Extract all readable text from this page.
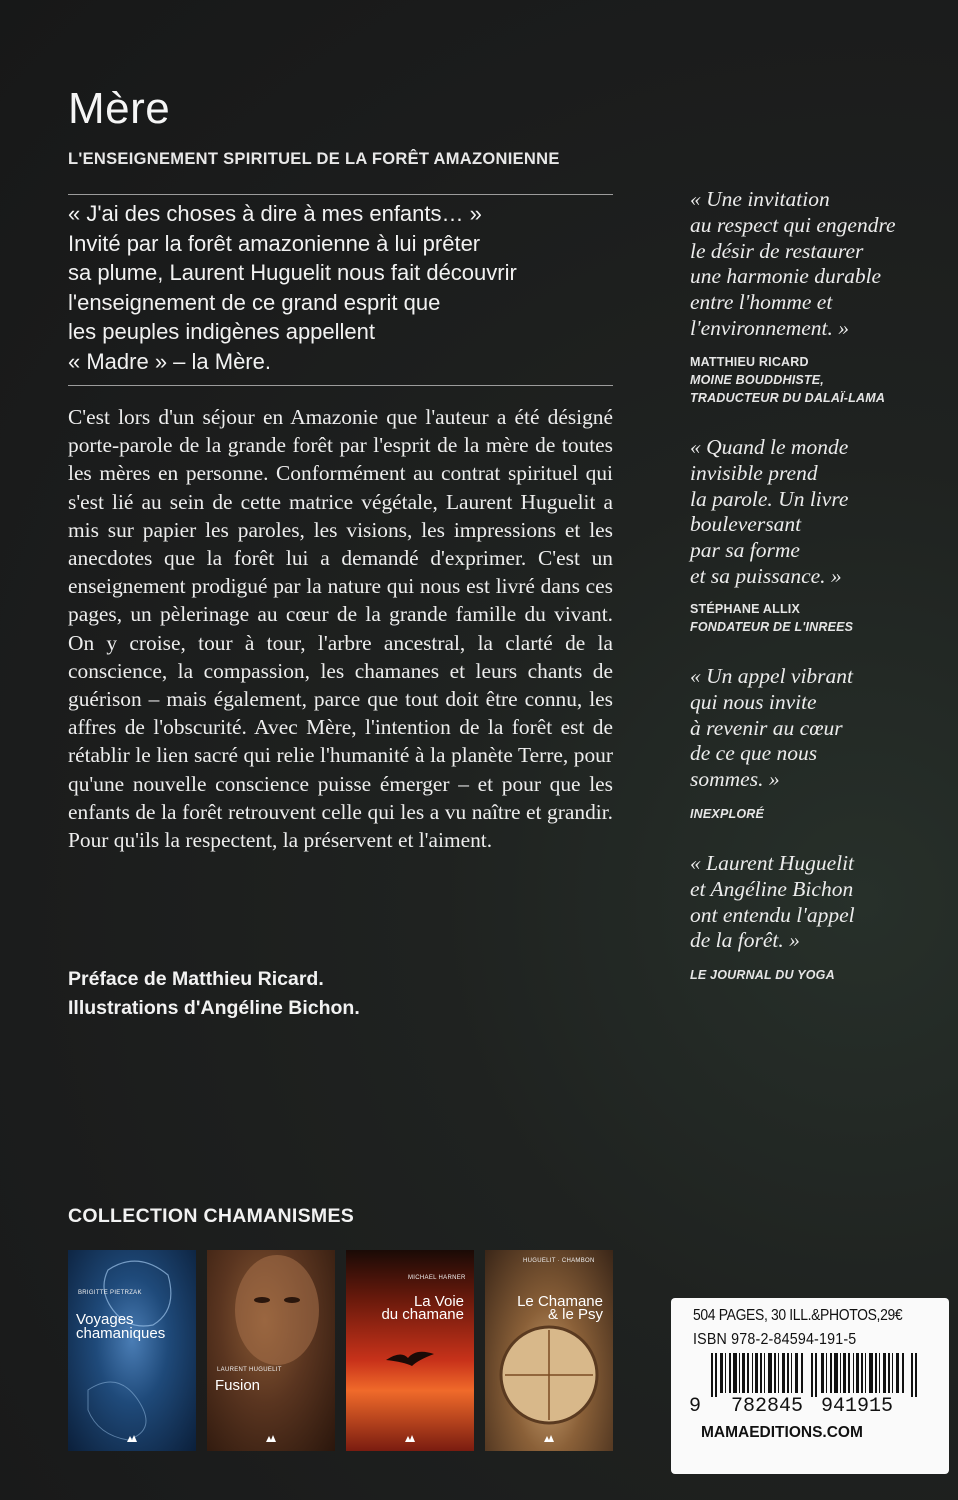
Mère
L'ENSEIGNEMENT SPIRITUEL DE LA FORÊT AMAZONIENNE
« J'ai des choses à dire à mes enfants… »
Invité par la forêt amazonienne à lui prêter
sa plume, Laurent Huguelit nous fait découvrir
l'enseignement de ce grand esprit que
les peuples indigènes appellent
« Madre » – la Mère.

C'est lors d'un séjour en Amazonie que l'auteur a été désigné porte-parole de la grande forêt par l'esprit de la mère de toutes les mères en personne. Conformément au contrat spirituel qui s'est lié au sein de cette matrice végétale, Laurent Huguelit a mis sur papier les paroles, les visions, les impressions et les anecdotes que la forêt lui a demandé d'exprimer. C'est un enseignement prodigué par la nature qui nous est livré dans ces pages, un pèlerinage au cœur de la grande famille du vivant. On y croise, tour à tour, l'arbre ancestral, la clarté de la conscience, la compassion, les chamanes et leurs chants de guérison – mais également, parce que tout doit être connu, les affres de l'obscurité. Avec Mère, l'intention de la forêt est de rétablir le lien sacré qui relie l'humanité à la planète Terre, pour qu'une nouvelle conscience puisse émerger – et pour que les enfants de la forêt retrouvent celle qui les a vu naître et grandir. Pour qu'ils la respectent, la préservent et l'aiment.

Préface de Matthieu Ricard.
Illustrations d'Angéline Bichon.
« Une invitation
au respect qui engendre
le désir de restaurer
une harmonie durable
entre l'homme et
l'environnement. »
MATTHIEU RICARD
MOINE BOUDDHISTE,
TRADUCTEUR DU DALAÏ-LAMA
« Quand le monde
invisible prend
la parole. Un livre
bouleversant
par sa forme
et sa puissance. »
STÉPHANE ALLIX
FONDATEUR DE L'INREES
« Un appel vibrant
qui nous invite
à revenir au cœur
de ce que nous
sommes. »
INEXPLORÉ
« Laurent Huguelit
et Angéline Bichon
ont entendu l'appel
de la forêt. »
LE JOURNAL DU YOGA
COLLECTION CHAMANISMES
BRIGITTE PIETRZAK
Voyages
chamaniques
LAURENT HUGUELIT
Fusion
MICHAEL HARNER
La Voie
du chamane
HUGUELIT · CHAMBON
Le Chamane
& le Psy	504 PAGES, 30 ILL.&PHOTOS,29€
ISBN 978-2-84594-191-5
9 782845 941915
MAMAEDITIONS.COM
